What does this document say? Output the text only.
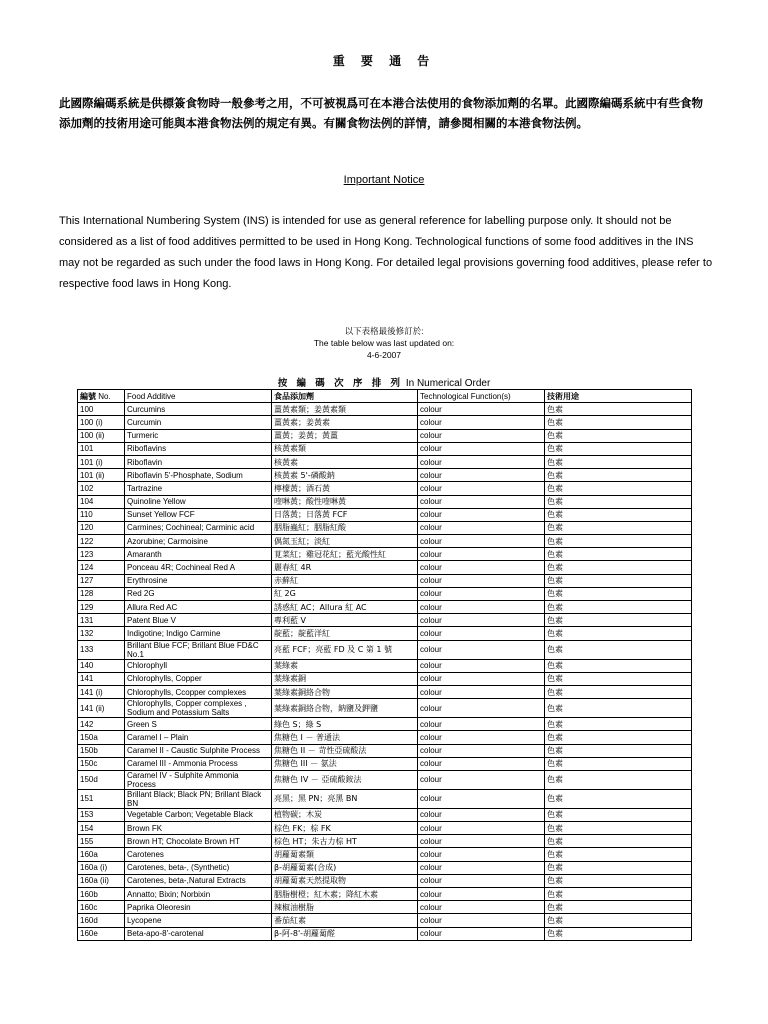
重 要 通 告
此國際編碼系統是供標簽食物時一般參考之用，不可被視爲可在本港合法使用的食物添加劑的名單。此國際編碼系統中有些食物添加劑的技術用途可能與本港食物法例的規定有異。有關食物法例的詳情，請參閱相關的本港食物法例。
Important Notice
This International Numbering System (INS) is intended for use as general reference for labelling purpose only. It should not be considered as a list of food additives permitted to be used in Hong Kong. Technological functions of some food additives in the INS may not be regarded as such under the food laws in Hong Kong. For detailed legal provisions governing food additives, please refer to respective food laws in Hong Kong.
以下表格最後修訂於:
The table below was last updated on:
4-6-2007
按 編 碼 次 序 排 列 In Numerical Order
編號 No.	Food Additive	食品添加劑	Technological Function(s)	技術用途
100	Curcumins	薑黃素類；姜黃素類	colour	色素
100 (i)	Curcumin	薑黃素；姜黃素	colour	色素
100 (ii)	Turmeric	薑黃；姜黃；黃薑	colour	色素
101	Riboflavins	核黃素類	colour	色素
101 (i)	Riboflavin	核黃素	colour	色素
101 (ii)	Riboflavin 5'-Phosphate, Sodium	核黃素 5'-磷酸鈉	colour	色素
102	Tartrazine	檸檬黃；酒石黃	colour	色素
104	Quinoline Yellow	喹啉黃；酸性喹啉黃	colour	色素
110	Sunset Yellow FCF	日落黃；日落黃 FCF	colour	色素
120	Carmines; Cochineal; Carminic acid	胭脂蟲紅；胭脂紅酸	colour	色素
122	Azorubine; Carmoisine	偶氮玉紅；淡紅	colour	色素
123	Amaranth	莧菜紅；雞冠花紅；藍光酸性紅	colour	色素
124	Ponceau 4R; Cochineal Red A	麗春紅 4R	colour	色素
127	Erythrosine	赤蘚紅	colour	色素
128	Red 2G	紅 2G	colour	色素
129	Allura Red AC	誘惑紅 AC；Allura 紅 AC	colour	色素
131	Patent Blue V	專利藍 V	colour	色素
132	Indigotine; Indigo Carmine	靛藍；靛藍洋紅	colour	色素
133	Brillant Blue FCF; Brillant Blue FD&C No.1	亮藍 FCF；亮藍 FD 及 C 第 1 號	colour	色素
140	Chlorophyll	葉綠素	colour	色素
141	Chlorophylls, Copper	葉綠素銅	colour	色素
141 (i)	Chlorophylls, Ccopper complexes	葉綠素銅絡合物	colour	色素
141 (ii)	Chlorophylls, Copper complexes , Sodium and Potassium Salts	葉綠素銅絡合物，鈉鹽及鉀鹽	colour	色素
142	Green S	綠色 S；綠 S	colour	色素
150a	Caramel I – Plain	焦糖色 I － 普通法	colour	色素
150b	Caramel II - Caustic Sulphite Process	焦糖色 II － 苛性亞硫酸法	colour	色素
150c	Caramel III - Ammonia Process	焦糖色 III － 氨法	colour	色素
150d	Caramel IV - Sulphite Ammonia Process	焦糖色 IV － 亞硫酸銨法	colour	色素
151	Brillant Black; Black PN; Brillant Black BN	亮黑；黑 PN；亮黑 BN	colour	色素
153	Vegetable Carbon; Vegetable Black	植物碳；木炭	colour	色素
154	Brown FK	棕色 FK；棕 FK	colour	色素
155	Brown HT; Chocolate Brown HT	棕色 HT；朱古力棕 HT	colour	色素
160a	Carotenes	胡蘿蔔素類	colour	色素
160a (i)	Carotenes, beta-, (Synthetic)	β-胡蘿蔔素(合成)	colour	色素
160a (ii)	Carotenes, beta-,Natural Extracts	胡蘿蔔素天然提取物	colour	色素
160b	Annatto; Bixin; Norbixin	胭脂樹橙；紅木素；降紅木素	colour	色素
160c	Paprika Oleoresin	辣椒油樹脂	colour	色素
160d	Lycopene	番茄紅素	colour	色素
160e	Beta-apo-8'-carotenal	β-阿-8'-胡蘿蔔醛	colour	色素
